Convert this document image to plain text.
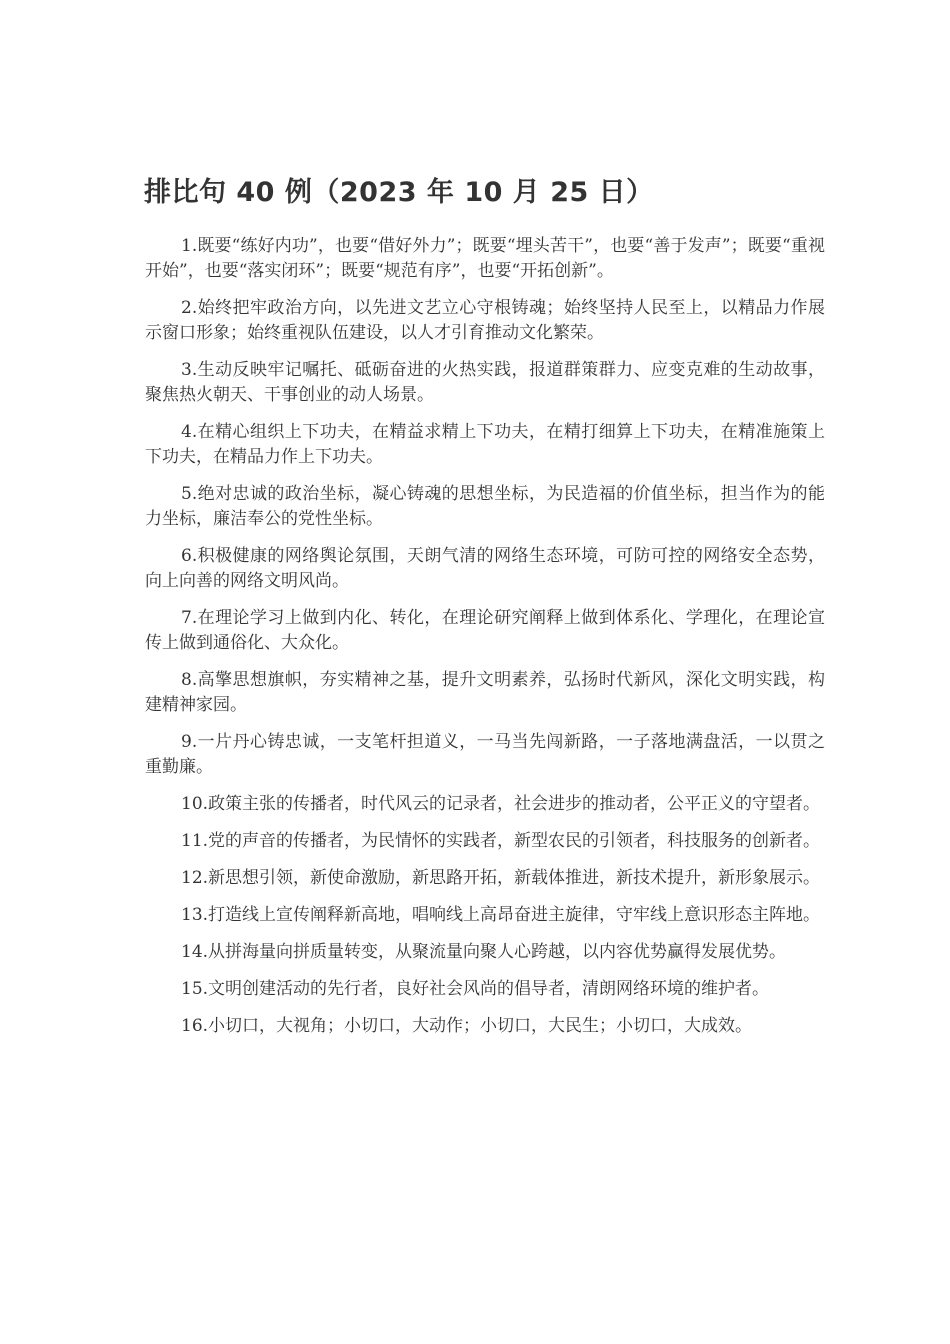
排比句 40 例（2023 年 10 月 25 日）

1.既要“练好内功”，也要“借好外力”；既要“埋头苦干”，也要“善于发声”；既要“重视开始”，也要“落实闭环”；既要“规范有序”，也要“开拓创新”。

2.始终把牢政治方向，以先进文艺立心守根铸魂；始终坚持人民至上，以精品力作展示窗口形象；始终重视队伍建设，以人才引育推动文化繁荣。

3.生动反映牢记嘱托、砥砺奋进的火热实践，报道群策群力、应变克难的生动故事，聚焦热火朝天、干事创业的动人场景。

4.在精心组织上下功夫，在精益求精上下功夫，在精打细算上下功夫，在精准施策上下功夫，在精品力作上下功夫。

5.绝对忠诚的政治坐标，凝心铸魂的思想坐标，为民造福的价值坐标，担当作为的能力坐标，廉洁奉公的党性坐标。

6.积极健康的网络舆论氛围，天朗气清的网络生态环境，可防可控的网络安全态势，向上向善的网络文明风尚。

7.在理论学习上做到内化、转化，在理论研究阐释上做到体系化、学理化，在理论宣传上做到通俗化、大众化。

8.高擎思想旗帜，夯实精神之基，提升文明素养，弘扬时代新风，深化文明实践，构建精神家园。

9.一片丹心铸忠诚，一支笔杆担道义，一马当先闯新路，一子落地满盘活，一以贯之重勤廉。

10.政策主张的传播者，时代风云的记录者，社会进步的推动者，公平正义的守望者。

11.党的声音的传播者，为民情怀的实践者，新型农民的引领者，科技服务的创新者。

12.新思想引领，新使命激励，新思路开拓，新载体推进，新技术提升，新形象展示。

13.打造线上宣传阐释新高地，唱响线上高昂奋进主旋律，守牢线上意识形态主阵地。

14.从拼海量向拼质量转变，从聚流量向聚人心跨越，以内容优势赢得发展优势。

15.文明创建活动的先行者，良好社会风尚的倡导者，清朗网络环境的维护者。

16.小切口，大视角；小切口，大动作；小切口，大民生；小切口，大成效。
